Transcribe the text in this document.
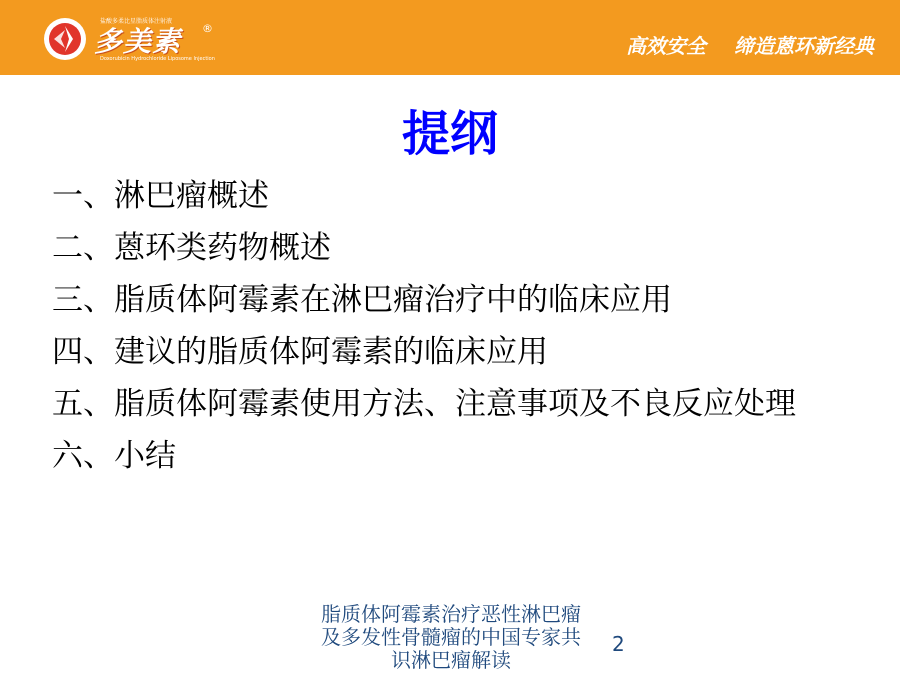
盐酸多柔比星脂质体注射液
多美素 ®
Doxorubicin Hydrochloride Liposome Injection
高效安全 缔造蒽环新经典
提纲
一、淋巴瘤概述
二、蒽环类药物概述
三、脂质体阿霉素在淋巴瘤治疗中的临床应用
四、建议的脂质体阿霉素的临床应用
五、脂质体阿霉素使用方法、注意事项及不良反应处理
六、小结
脂质体阿霉素治疗恶性淋巴瘤及多发性骨髓瘤的中国专家共识淋巴瘤解读
2
